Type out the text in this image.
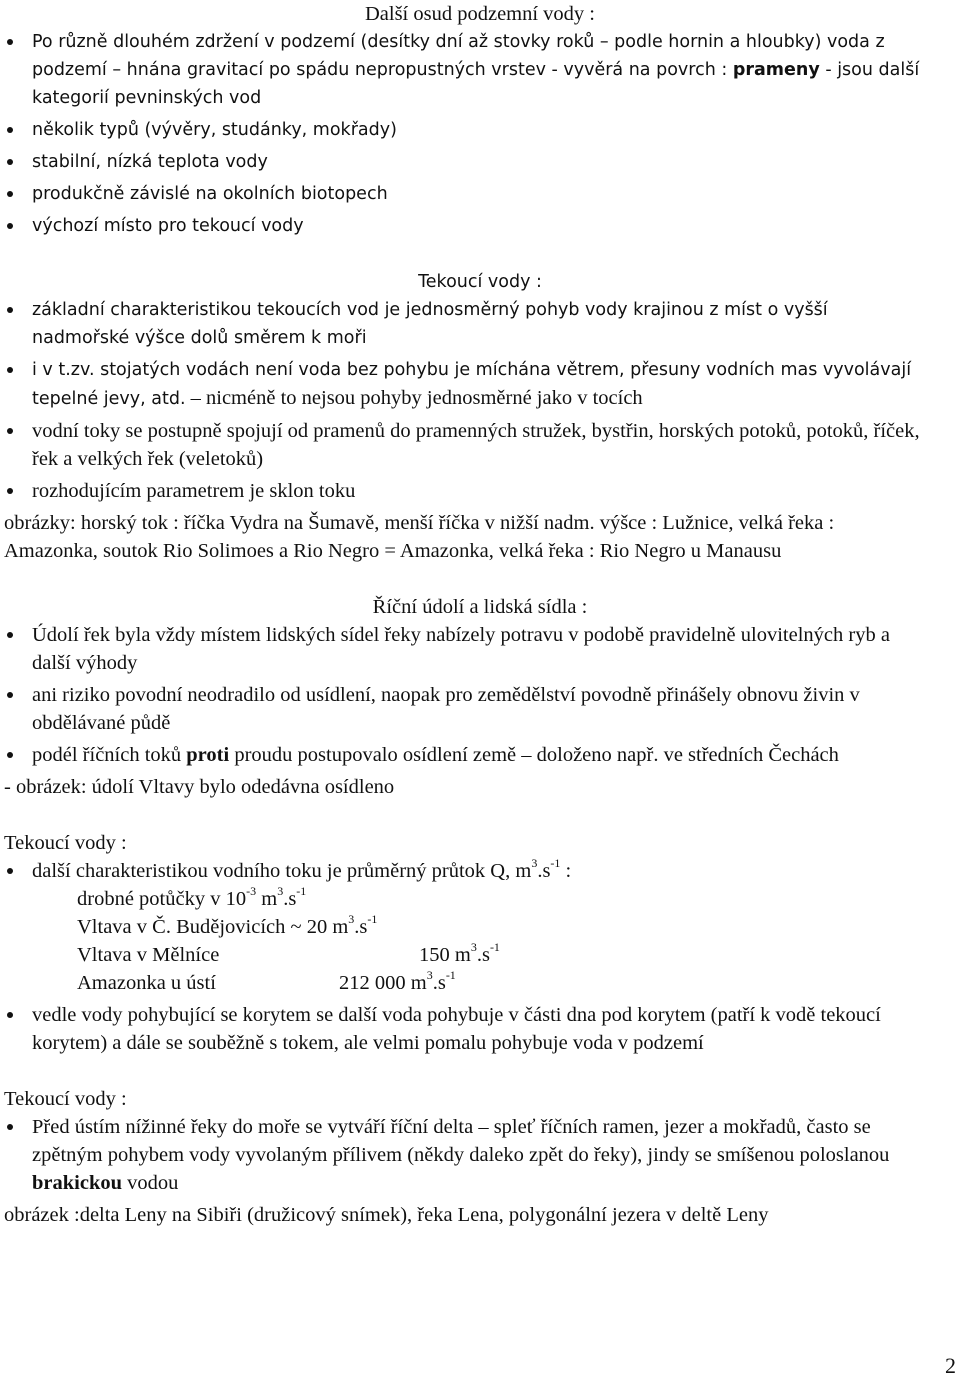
Další osud podzemní vody :

Po různě dlouhém zdržení v podzemí (desítky dní až stovky roků – podle hornin a hloubky) voda z podzemí – hnána gravitací po spádu nepropustných vrstev - vyvěrá na povrch : prameny - jsou další kategorií pevninských vod
několik typů (vývěry, studánky, mokřady)
stabilní, nízká teplota vody
produkčně závislé na okolních biotopech
výchozí místo pro tekoucí vody

Tekoucí vody :

základní charakteristikou tekoucích vod je jednosměrný pohyb vody krajinou z míst o vyšší nadmořské výšce dolů směrem k moři
i v t.zv. stojatých vodách není voda bez pohybu je míchána větrem, přesuny vodních mas vyvolávají tepelné jevy, atd. – nicméně to nejsou pohyby jednosměrné jako v tocích
vodní toky se postupně spojují od pramenů do pramenných stružek, bystřin, horských potoků, potoků, říček, řek a velkých řek (veletoků)
rozhodujícím parametrem je sklon toku

obrázky: horský tok : říčka Vydra na Šumavě, menší říčka v nižší nadm. výšce : Lužnice, velká řeka : Amazonka, soutok Rio Solimoes a Rio Negro = Amazonka, velká řeka : Rio Negro u Manausu

Říční údolí a lidská sídla :

Údolí řek byla vždy místem lidských sídel řeky nabízely potravu v podobě pravidelně ulovitelných ryb a další výhody
ani riziko povodní neodradilo od usídlení, naopak pro zemědělství povodně přinášely obnovu živin v obdělávané půdě
podél říčních toků proti proudu postupovalo osídlení země – doloženo např. ve středních Čechách

- obrázek: údolí Vltavy bylo odedávna osídleno

Tekoucí vody :

další charakteristikou vodního toku je průměrný průtok Q, $m^3.s^{-1}$ :
drobné potůčky v $10^{-3}$ $m^3.s^{-1}$
Vltava v Č. Budějovicích ~ 20 $m^3.s^{-1}$
Vltava v Mělníce	150 $m^3.s^{-1}$
Amazonka u ústí	212 000 $m^3.s^{-1}$
vedle vody pohybující se korytem se další voda pohybuje v části dna pod korytem (patří k vodě tekoucí korytem) a dále se souběžně s tokem, ale velmi pomalu pohybuje voda v podzemí

Tekoucí vody :

Před ústím nížinné řeky do moře se vytváří říční delta – spleť říčních ramen, jezer a mokřadů, často se zpětným pohybem vody vyvolaným přílivem (někdy daleko zpět do řeky), jindy se smíšenou poloslanou brakickou vodou

obrázek :delta Leny na Sibiři (družicový snímek), řeka Lena, polygonální jezera v deltě Leny

2
